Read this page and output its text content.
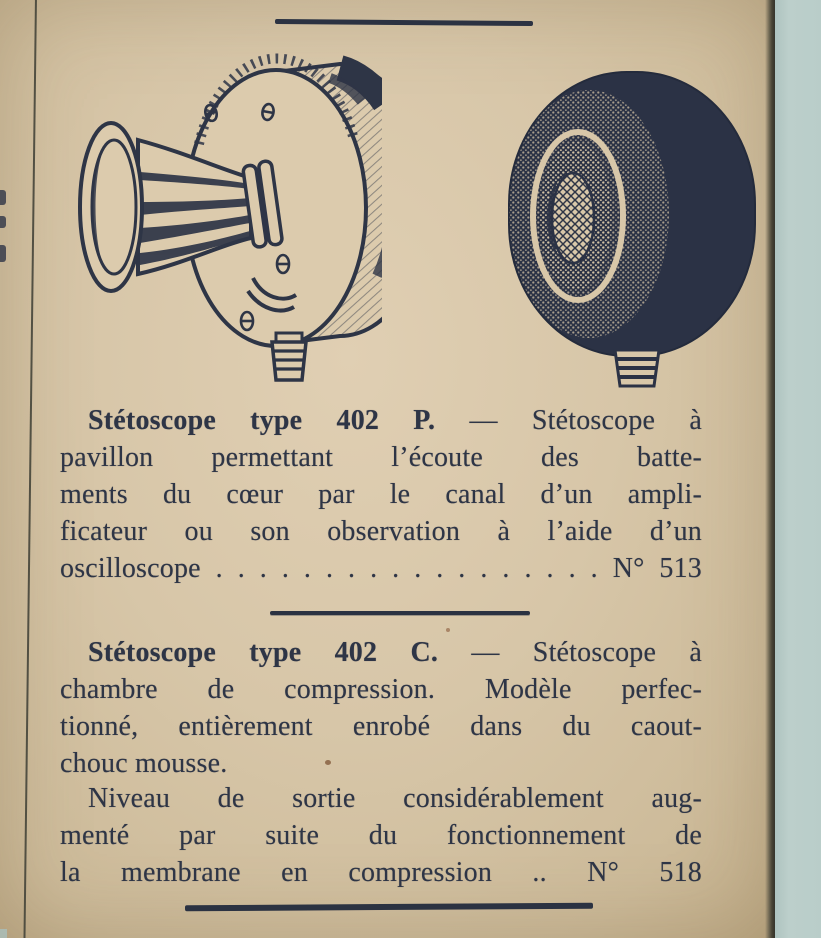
Stétoscope type 402 P. — Stétoscope à
pavillon permettant l’écoute des batte-
ments du cœur par le canal d’un ampli-
ficateur ou son observation à l’aide d’un
oscilloscope . . . . . . . . . . . . . . . . . . N° 513
Stétoscope type 402 C. — Stétoscope à
chambre de compression. Modèle perfec-
tionné, entièrement enrobé dans du caout-
chouc mousse.
Niveau de sortie considérablement aug-
menté par suite du fonctionnement de
la membrane en compression .. N° 518
